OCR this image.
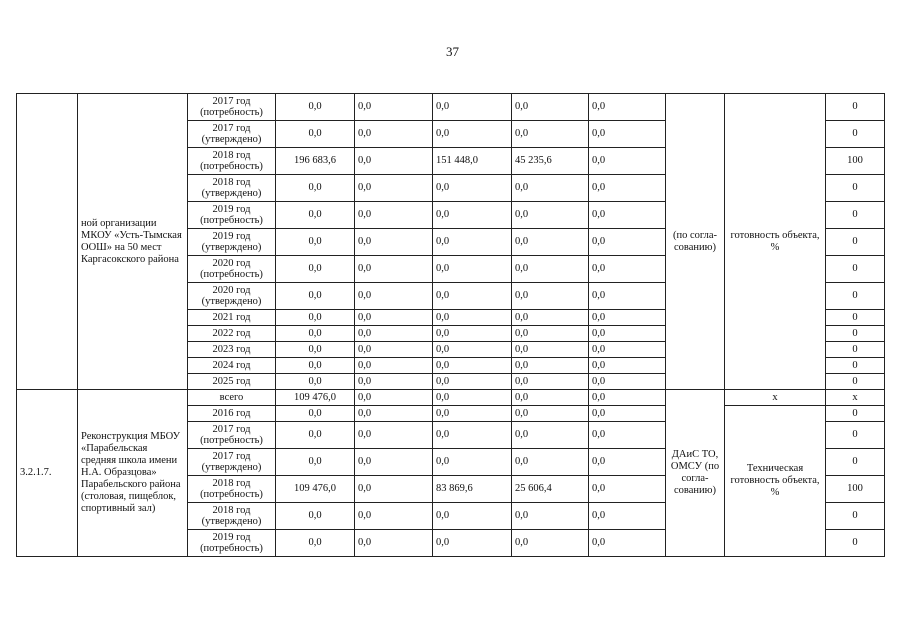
37
	ной организации МКОУ «Усть-Тымская ООШ» на 50 мест Каргасокского района	2017 год (потребность)	0,0	0,0	0,0	0,0	0,0	(по согла-сованию)	готовность объекта, %	0
		2017 год (утверждено)	0,0	0,0	0,0	0,0	0,0			0
		2018 год (потребность)	196 683,6	0,0	151 448,0	45 235,6	0,0			100
		2018 год (утверждено)	0,0	0,0	0,0	0,0	0,0			0
		2019 год (потребность)	0,0	0,0	0,0	0,0	0,0			0
		2019 год (утверждено)	0,0	0,0	0,0	0,0	0,0			0
		2020 год (потребность)	0,0	0,0	0,0	0,0	0,0			0
		2020 год (утверждено)	0,0	0,0	0,0	0,0	0,0			0
		2021 год	0,0	0,0	0,0	0,0	0,0			0
		2022 год	0,0	0,0	0,0	0,0	0,0			0
		2023 год	0,0	0,0	0,0	0,0	0,0			0
		2024 год	0,0	0,0	0,0	0,0	0,0			0
		2025 год	0,0	0,0	0,0	0,0	0,0			0
3.2.1.7.	Реконструкция МБОУ «Парабельская средняя школа имени Н.А. Образцова» Парабельского района (столовая, пищеблок, спортивный зал)	всего	109 476,0	0,0	0,0	0,0	0,0	ДАиС ТО, ОМСУ (по согла-сованию)	х	х
		2016 год	0,0	0,0	0,0	0,0	0,0		Техническая готовность объекта, %	0
		2017 год (потребность)	0,0	0,0	0,0	0,0	0,0			0
		2017 год (утверждено)	0,0	0,0	0,0	0,0	0,0			0
		2018 год (потребность)	109 476,0	0,0	83 869,6	25 606,4	0,0			100
		2018 год (утверждено)	0,0	0,0	0,0	0,0	0,0			0
		2019 год (потребность)	0,0	0,0	0,0	0,0	0,0			0
